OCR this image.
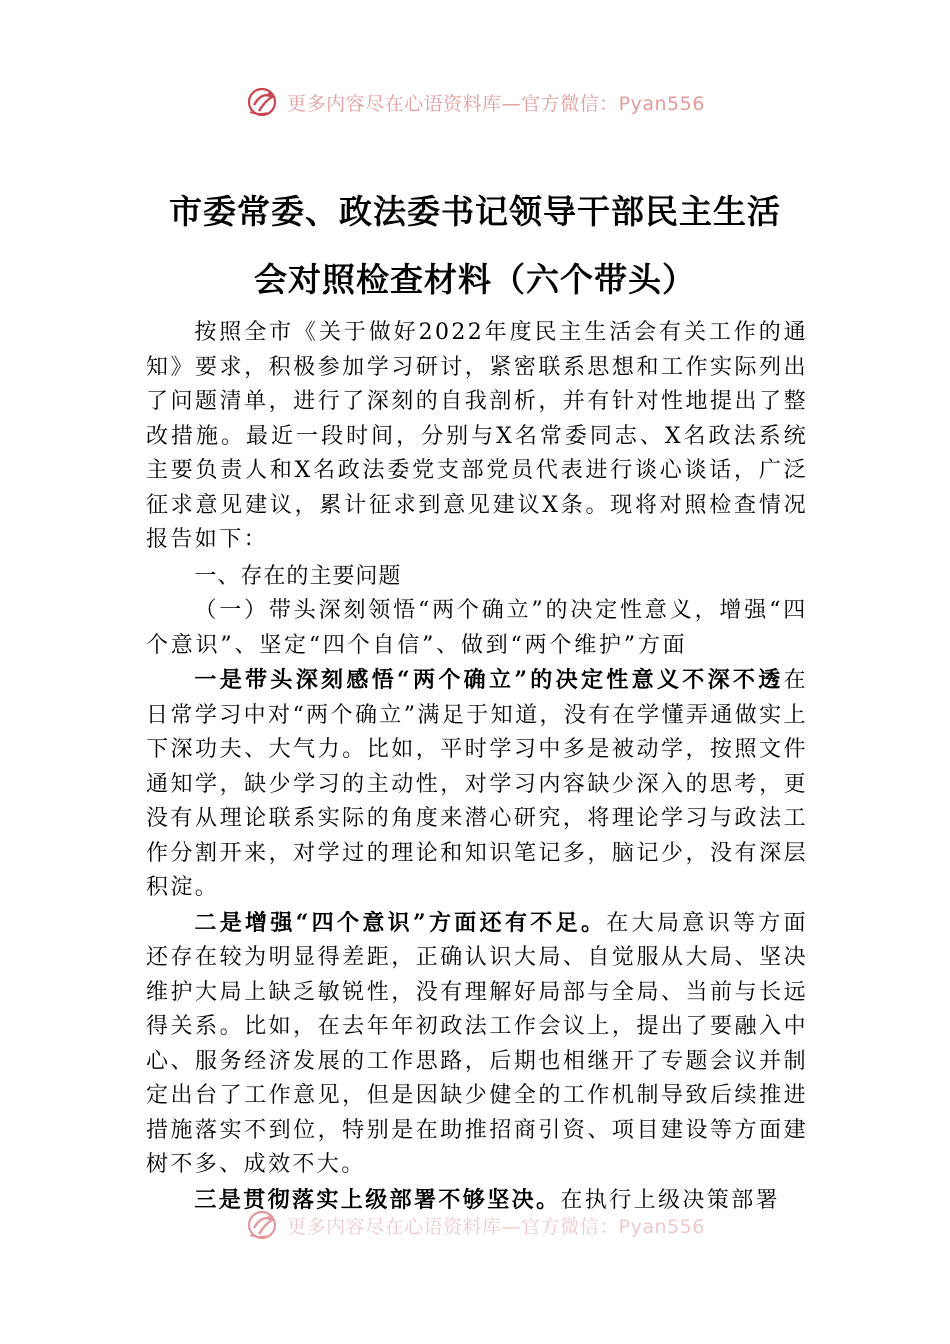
更多内容尽在心语资料库—官方微信：Pyan556
市委常委、政法委书记领导干部民主生活
会对照检查材料（六个带头）

按照全市《关于做好2022年度民主生活会有关工作的通知》要求，积极参加学习研讨，紧密联系思想和工作实际列出了问题清单，进行了深刻的自我剖析，并有针对性地提出了整改措施。最近一段时间，分别与X名常委同志、X名政法系统主要负责人和X名政法委党支部党员代表进行谈心谈话，广泛征求意见建议，累计征求到意见建议X条。现将对照检查情况报告如下：

一、存在的主要问题

（一）带头深刻领悟“两个确立”的决定性意义，增强“四个意识”、坚定“四个自信”、做到“两个维护”方面

一是带头深刻感悟“两个确立”的决定性意义不深不透在日常学习中对“两个确立”满足于知道，没有在学懂弄通做实上下深功夫、大气力。比如，平时学习中多是被动学，按照文件通知学，缺少学习的主动性，对学习内容缺少深入的思考，更没有从理论联系实际的角度来潜心研究，将理论学习与政法工作分割开来，对学过的理论和知识笔记多，脑记少，没有深层积淀。

二是增强“四个意识”方面还有不足。在大局意识等方面还存在较为明显得差距，正确认识大局、自觉服从大局、坚决维护大局上缺乏敏锐性，没有理解好局部与全局、当前与长远得关系。比如，在去年年初政法工作会议上，提出了要融入中心、服务经济发展的工作思路，后期也相继开了专题会议并制定出台了工作意见，但是因缺少健全的工作机制导致后续推进措施落实不到位，特别是在助推招商引资、项目建设等方面建树不多、成效不大。

三是贯彻落实上级部署不够坚决。在执行上级决策部署

更多内容尽在心语资料库—官方微信：Pyan556
